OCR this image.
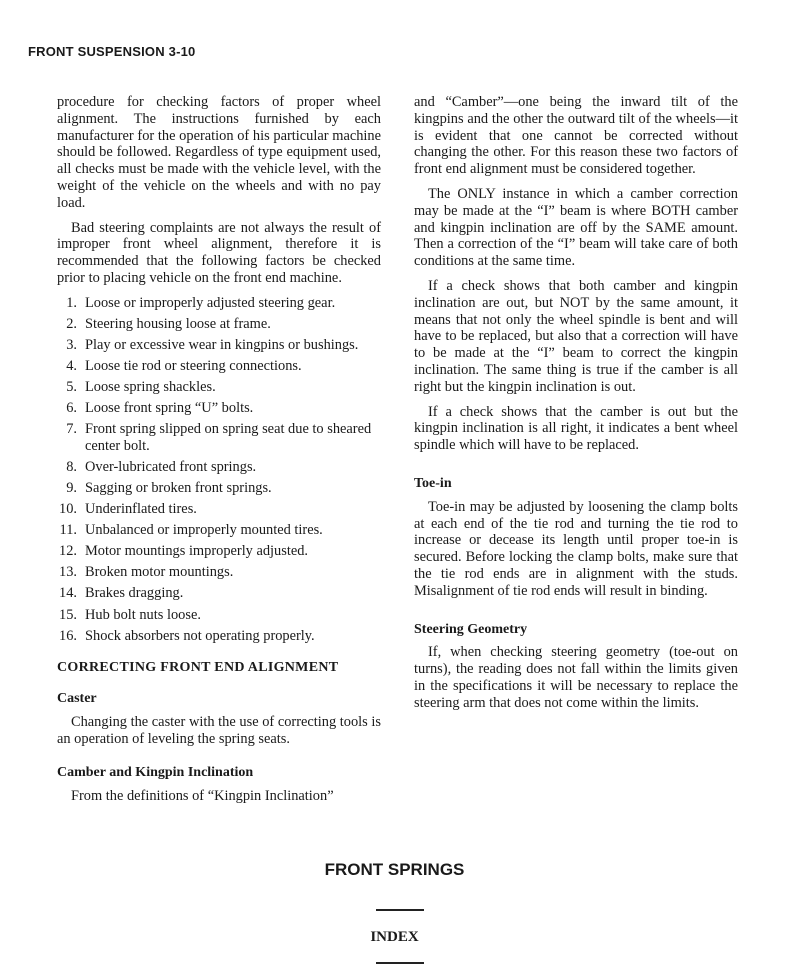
FRONT SUSPENSION 3-10

procedure for checking factors of proper wheel alignment. The instructions furnished by each manufacturer for the operation of his particular machine should be followed. Regardless of type equipment used, all checks must be made with the vehicle level, with the weight of the vehicle on the wheels and with no pay load.

Bad steering complaints are not always the result of improper front wheel alignment, therefore it is recommended that the following factors be checked prior to placing vehicle on the front end machine.

1. Loose or improperly adjusted steering gear.
2. Steering housing loose at frame.
3. Play or excessive wear in kingpins or bushings.
4. Loose tie rod or steering connections.
5. Loose spring shackles.
6. Loose front spring “U” bolts.
7. Front spring slipped on spring seat due to sheared center bolt.
8. Over-lubricated front springs.
9. Sagging or broken front springs.
10. Underinflated tires.
11. Unbalanced or improperly mounted tires.
12. Motor mountings improperly adjusted.
13. Broken motor mountings.
14. Brakes dragging.
15. Hub bolt nuts loose.
16. Shock absorbers not operating properly.
CORRECTING FRONT END ALIGNMENT
Caster

Changing the caster with the use of correcting tools is an operation of leveling the spring seats.

Camber and Kingpin Inclination

From the definitions of “Kingpin Inclination”

and “Camber”—one being the inward tilt of the kingpins and the other the outward tilt of the wheels—it is evident that one cannot be corrected without changing the other. For this reason these two factors of front end alignment must be considered together.

The ONLY instance in which a camber correction may be made at the “I” beam is where BOTH camber and kingpin inclination are off by the SAME amount. Then a correction of the “I” beam will take care of both conditions at the same time.

If a check shows that both camber and kingpin inclination are out, but NOT by the same amount, it means that not only the wheel spindle is bent and will have to be replaced, but also that a correction will have to be made at the “I” beam to correct the kingpin inclination. The same thing is true if the camber is all right but the kingpin inclination is out.

If a check shows that the camber is out but the kingpin inclination is all right, it indicates a bent wheel spindle which will have to be replaced.

Toe-in

Toe-in may be adjusted by loosening the clamp bolts at each end of the tie rod and turning the tie rod to increase or decease its length until proper toe-in is secured. Before locking the clamp bolts, make sure that the tie rod ends are in alignment with the studs. Misalignment of tie rod ends will result in binding.

Steering Geometry

If, when checking steering geometry (toe-out on turns), the reading does not fall within the limits given in the specifications it will be necessary to replace the steering arm that does not come within the limits.

FRONT SPRINGS
INDEX
